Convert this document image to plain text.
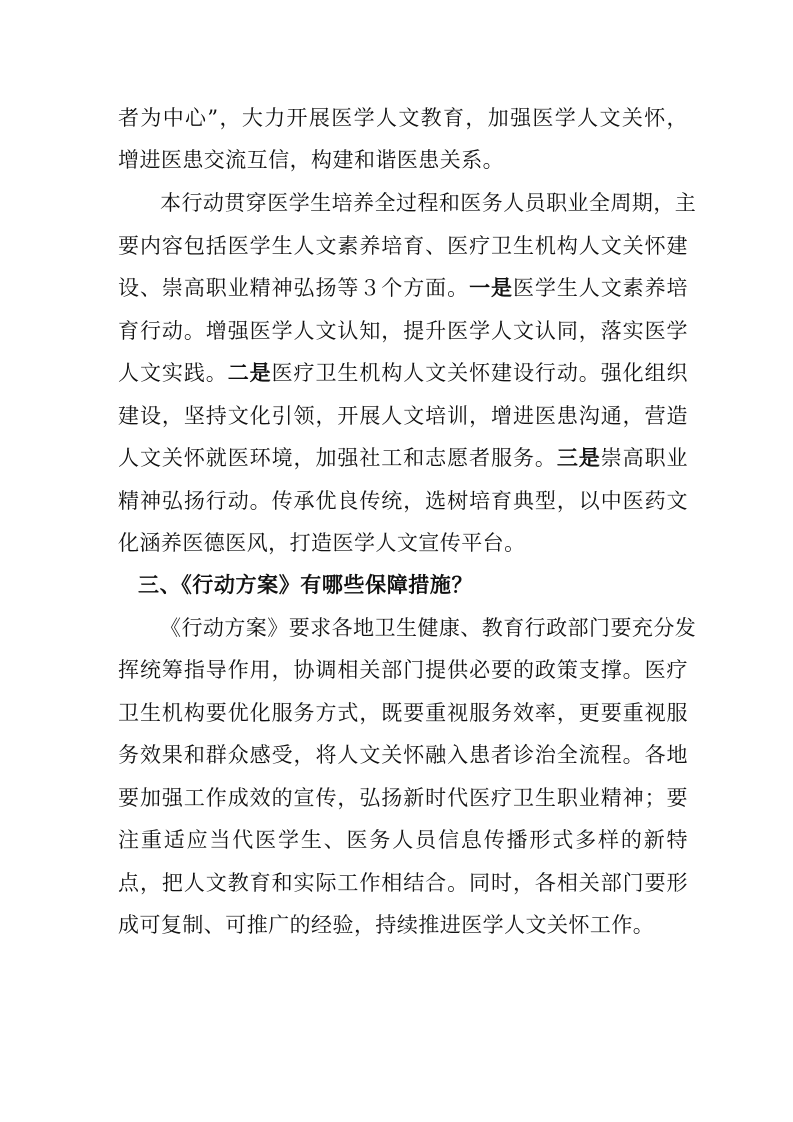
者为中心”，大力开展医学人文教育，加强医学人文关怀，
增进医患交流互信，构建和谐医患关系。
本行动贯穿医学生培养全过程和医务人员职业全周期，主
要内容包括医学生人文素养培育、医疗卫生机构人文关怀建
设、崇高职业精神弘扬等３个方面。一是医学生人文素养培
育行动。增强医学人文认知，提升医学人文认同，落实医学
人文实践。二是医疗卫生机构人文关怀建设行动。强化组织
建设，坚持文化引领，开展人文培训，增进医患沟通，营造
人文关怀就医环境，加强社工和志愿者服务。三是崇高职业
精神弘扬行动。传承优良传统，选树培育典型，以中医药文
化涵养医德医风，打造医学人文宣传平台。
三、《行动方案》有哪些保障措施？
《行动方案》要求各地卫生健康、教育行政部门要充分发
挥统筹指导作用，协调相关部门提供必要的政策支撑。医疗
卫生机构要优化服务方式，既要重视服务效率，更要重视服
务效果和群众感受，将人文关怀融入患者诊治全流程。各地
要加强工作成效的宣传，弘扬新时代医疗卫生职业精神；要
注重适应当代医学生、医务人员信息传播形式多样的新特
点，把人文教育和实际工作相结合。同时，各相关部门要形
成可复制、可推广的经验，持续推进医学人文关怀工作。
